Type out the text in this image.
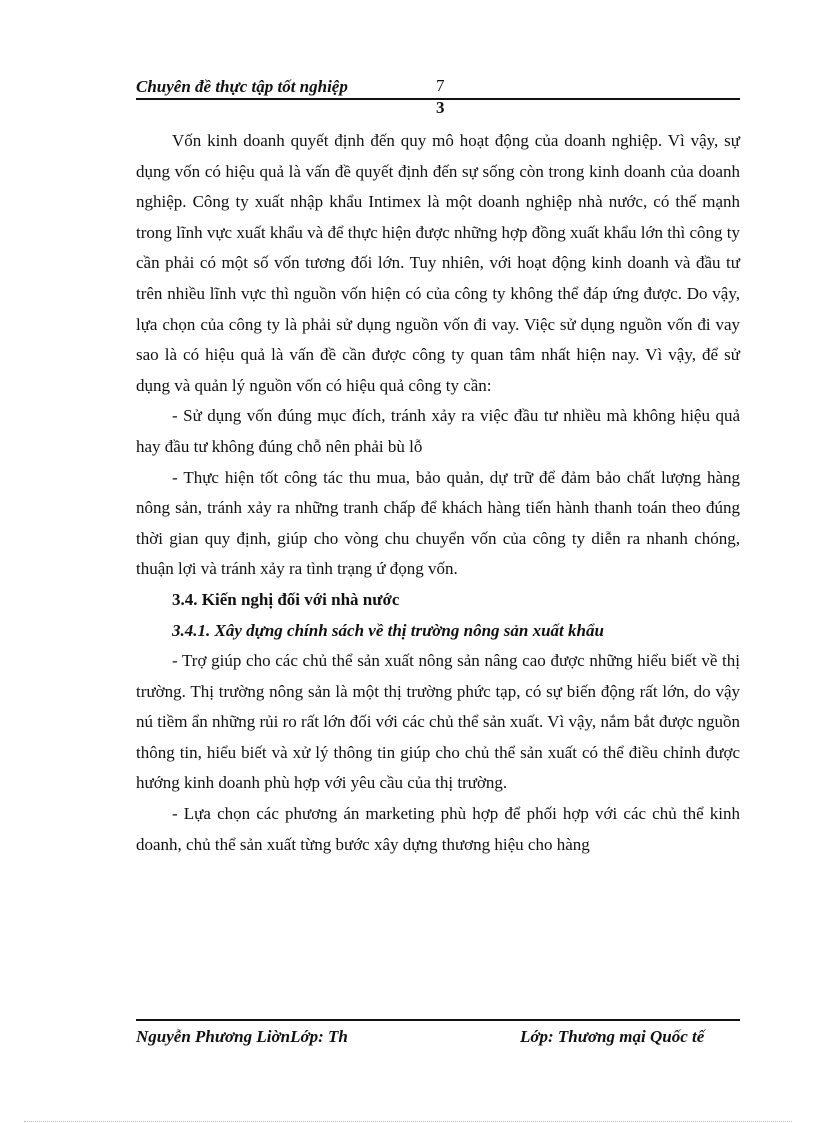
Chuyên đề thực tập tốt nghiệp	7
3

Vốn kinh doanh quyết định đến quy mô hoạt động của doanh nghiệp. Vì vậy, sự dụng vốn có hiệu quả là vấn đề quyết định đến sự sống còn trong kinh doanh của doanh nghiệp. Công ty xuất nhập khẩu Intimex là một doanh nghiệp nhà nước, có thế mạnh trong lĩnh vực xuất khẩu và để thực hiện được những hợp đồng xuất khẩu lớn thì công ty cần phải có một số vốn tương đối lớn. Tuy nhiên, với hoạt động kinh doanh và đầu tư trên nhiều lĩnh vực thì nguồn vốn hiện có của công ty không thể đáp ứng được. Do vậy, lựa chọn của công ty là phải sử dụng nguồn vốn đi vay. Việc sử dụng nguồn vốn đi vay sao là có hiệu quả là vấn đề cần được công ty quan tâm nhất hiện nay. Vì vậy, để sử dụng và quản lý nguồn vốn có hiệu quả công ty cần:

- Sử dụng vốn đúng mục đích, tránh xảy ra việc đầu tư nhiều mà không hiệu quả hay đầu tư không đúng chỗ nên phải bù lỗ

- Thực hiện tốt công tác thu mua, bảo quản, dự trữ để đảm bảo chất lượng hàng nông sản, tránh xảy ra những tranh chấp để khách hàng tiến hành thanh toán theo đúng thời gian quy định, giúp cho vòng chu chuyển vốn của công ty diễn ra nhanh chóng, thuận lợi và tránh xảy ra tình trạng ứ đọng vốn.

3.4. Kiến nghị đối với nhà nước

3.4.1. Xây dựng chính sách về thị trường nông sản xuất khẩu

- Trợ giúp cho các chủ thể sản xuất nông sản nâng cao được những hiểu biết về thị trường. Thị trường nông sản là một thị trường phức tạp, có sự biến động rất lớn, do vậy nú tiềm ẩn những rủi ro rất lớn đối với các chủ thể sản xuất. Vì vậy, nắm bắt được nguồn thông tin, hiểu biết và xử lý thông tin giúp cho chủ thể sản xuất có thể điều chỉnh được hướng kinh doanh phù hợp với yêu cầu của thị trường.

- Lựa chọn các phương án marketing phù hợp để phối hợp với các chủ thể kinh doanh, chủ thể sản xuất từng bước xây dựng thương hiệu cho hàng

Nguyễn Phương LiờnLớp: Th	Lớp: Thương mại Quốc tế
